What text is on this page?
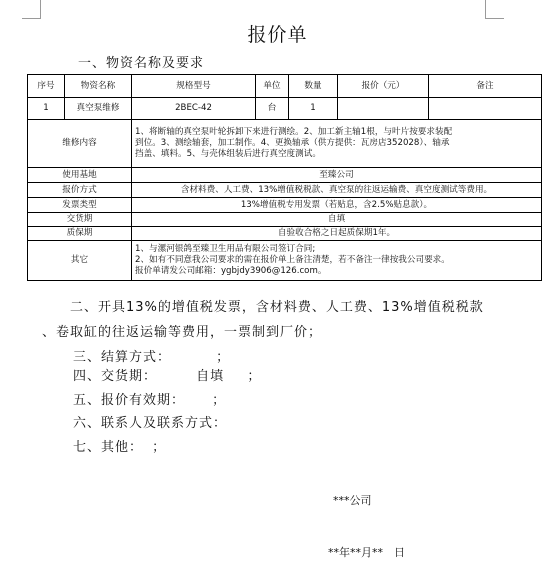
报价单
一、物资名称及要求
序号	物资名称	规格型号	单位	数量	报价（元）	备注
1	真空泵维修	2BEC-42	台	1		
维修内容		1、将断轴的真空泵叶轮拆卸下来进行测绘。2、加工新主轴1根，与叶片按要求装配
到位。3、测绘轴套，加工制作。4、更换轴承（供方提供：瓦房店352028）、轴承
挡盖、填料。5、与壳体组装后进行真空度测试。				

使用基地		至臻公司				
报价方式		含材料费、人工费、13%增值税税款、真空泵的往返运输费、真空度测试等费用。				
发票类型		13%增值税专用发票（若贴息，含2.5%贴息款）。				
交货期		自填				
质保期		自验收合格之日起质保期1年。				
其它		1、与漯河银鸽至臻卫生用品有限公司签订合同;
2、如有不同意我公司要求的需在报价单上备注清楚，若不备注一律按我公司要求。
报价单请发公司邮箱：ygbjdy3906@126.com。				
二、开具13%的增值税发票，含材料费、人工费、13%增值税税款
、卷取缸的往返运输等费用，一票制到厂价；
三、结算方式：	；
四、交货期：	自填 ；
五、报价有效期： ；
六、联系人及联系方式：
七、其他： ；
***公司
**年**月**　日
